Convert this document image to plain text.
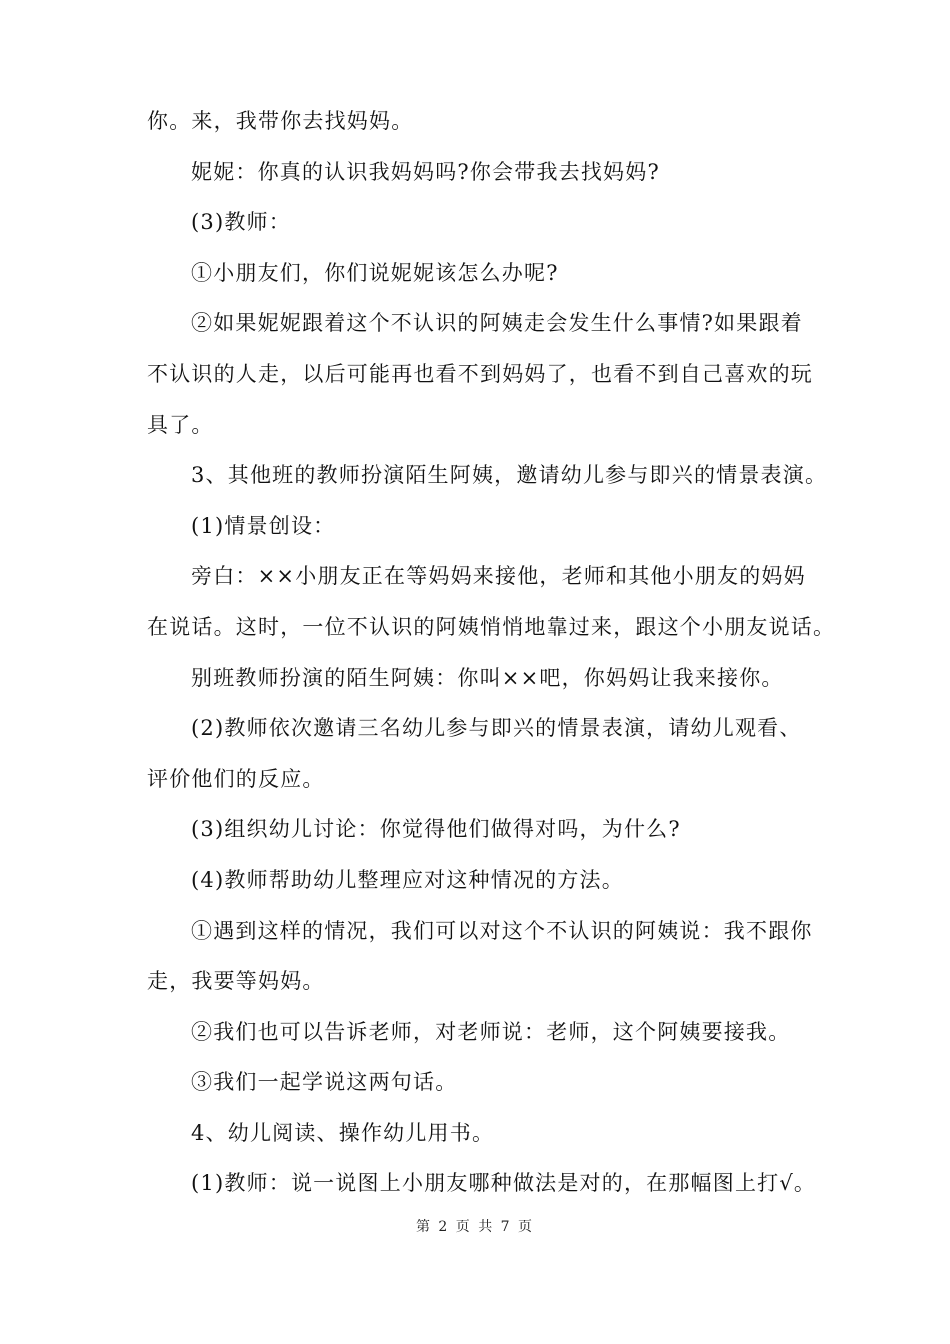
你。来，我带你去找妈妈。
妮妮：你真的认识我妈妈吗?你会带我去找妈妈?
(3)教师：
①小朋友们，你们说妮妮该怎么办呢?
②如果妮妮跟着这个不认识的阿姨走会发生什么事情?如果跟着
不认识的人走，以后可能再也看不到妈妈了，也看不到自己喜欢的玩
具了。
3、其他班的教师扮演陌生阿姨，邀请幼儿参与即兴的情景表演。
(1)情景创设：
旁白：××小朋友正在等妈妈来接他，老师和其他小朋友的妈妈
在说话。这时，一位不认识的阿姨悄悄地靠过来，跟这个小朋友说话。
别班教师扮演的陌生阿姨：你叫××吧，你妈妈让我来接你。
(2)教师依次邀请三名幼儿参与即兴的情景表演，请幼儿观看、
评价他们的反应。
(3)组织幼儿讨论：你觉得他们做得对吗，为什么?
(4)教师帮助幼儿整理应对这种情况的方法。
①遇到这样的情况，我们可以对这个不认识的阿姨说：我不跟你
走，我要等妈妈。
②我们也可以告诉老师，对老师说：老师，这个阿姨要接我。
③我们一起学说这两句话。
4、幼儿阅读、操作幼儿用书。
(1)教师：说一说图上小朋友哪种做法是对的，在那幅图上打√。
第 2 页 共 7 页
